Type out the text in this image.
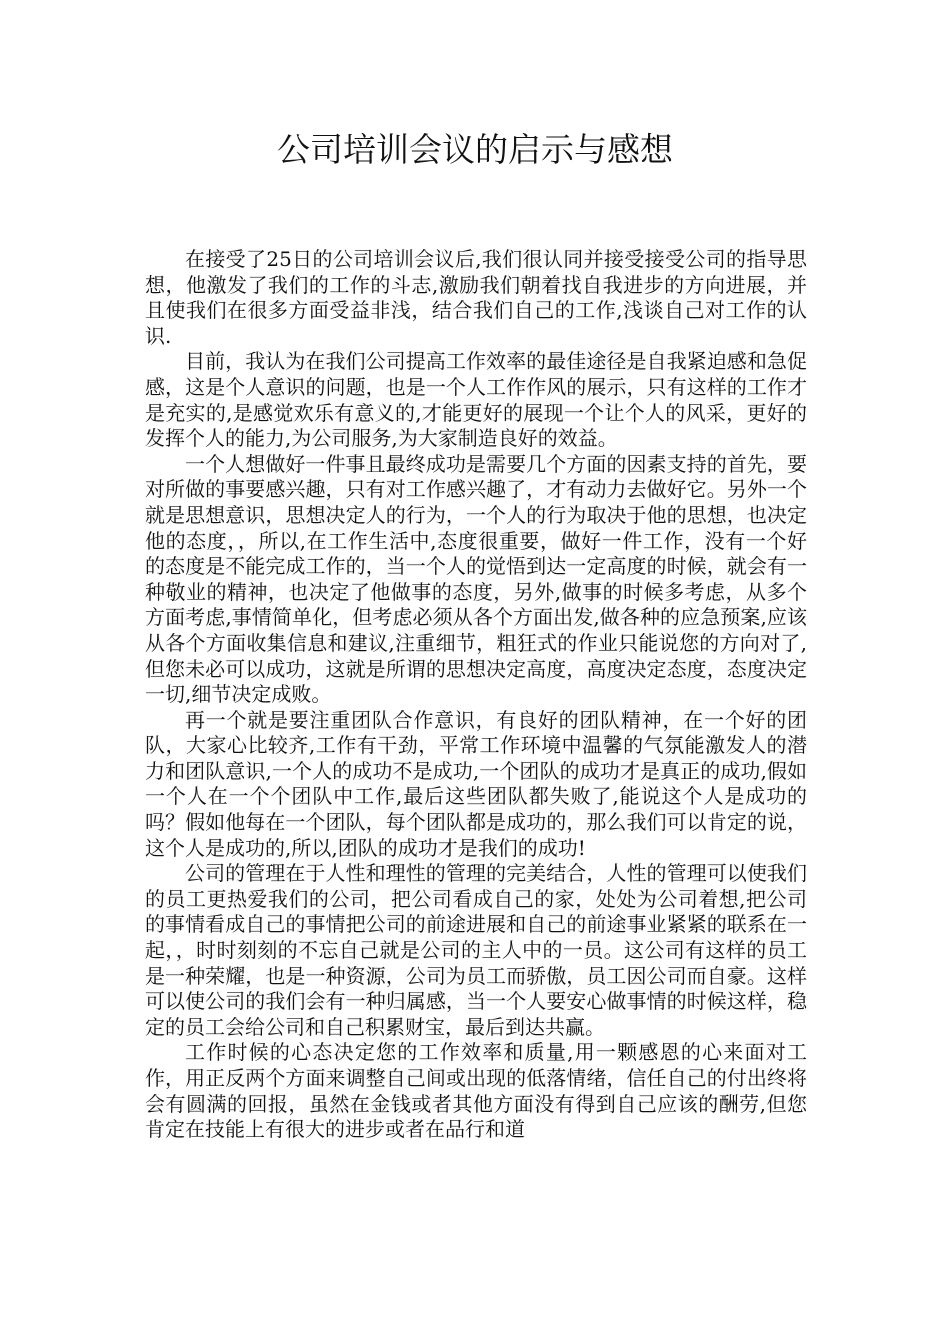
公司培训会议的启示与感想

在接受了25日的公司培训会议后,我们很认同并接受接受公司的指导思想，他激发了我们的工作的斗志,激励我们朝着找自我进步的方向进展，并且使我们在很多方面受益非浅，结合我们自己的工作,浅谈自己对工作的认识.

目前，我认为在我们公司提高工作效率的最佳途径是自我紧迫感和急促感，这是个人意识的问题，也是一个人工作作风的展示，只有这样的工作才是充实的,是感觉欢乐有意义的,才能更好的展现一个让个人的风采，更好的发挥个人的能力,为公司服务,为大家制造良好的效益。

一个人想做好一件事且最终成功是需要几个方面的因素支持的首先，要对所做的事要感兴趣，只有对工作感兴趣了，才有动力去做好它。另外一个就是思想意识，思想决定人的行为，一个人的行为取决于他的思想，也决定他的态度，，所以,在工作生活中,态度很重要，做好一件工作，没有一个好的态度是不能完成工作的，当一个人的觉悟到达一定高度的时候，就会有一种敬业的精神，也决定了他做事的态度，另外,做事的时候多考虑，从多个方面考虑,事情简单化，但考虑必须从各个方面出发,做各种的应急预案,应该从各个方面收集信息和建议,注重细节，粗狂式的作业只能说您的方向对了,但您未必可以成功，这就是所谓的思想决定高度，高度决定态度，态度决定一切,细节决定成败。

再一个就是要注重团队合作意识，有良好的团队精神，在一个好的团队，大家心比较齐,工作有干劲，平常工作环境中温馨的气氛能激发人的潜力和团队意识,一个人的成功不是成功,一个团队的成功才是真正的成功,假如一个人在一个个团队中工作,最后这些团队都失败了,能说这个人是成功的吗？假如他每在一个团队，每个团队都是成功的，那么我们可以肯定的说，这个人是成功的,所以,团队的成功才是我们的成功!

公司的管理在于人性和理性的管理的完美结合，人性的管理可以使我们的员工更热爱我们的公司，把公司看成自己的家，处处为公司着想,把公司的事情看成自己的事情把公司的前途进展和自己的前途事业紧紧的联系在一起，，时时刻刻的不忘自己就是公司的主人中的一员。这公司有这样的员工是一种荣耀，也是一种资源，公司为员工而骄傲，员工因公司而自豪。这样可以使公司的我们会有一种归属感，当一个人要安心做事情的时候这样，稳定的员工会给公司和自己积累财宝，最后到达共赢。

工作时候的心态决定您的工作效率和质量,用一颗感恩的心来面对工作，用正反两个方面来调整自己间或出现的低落情绪，信任自己的付出终将会有圆满的回报，虽然在金钱或者其他方面没有得到自己应该的酬劳,但您肯定在技能上有很大的进步或者在品行和道
